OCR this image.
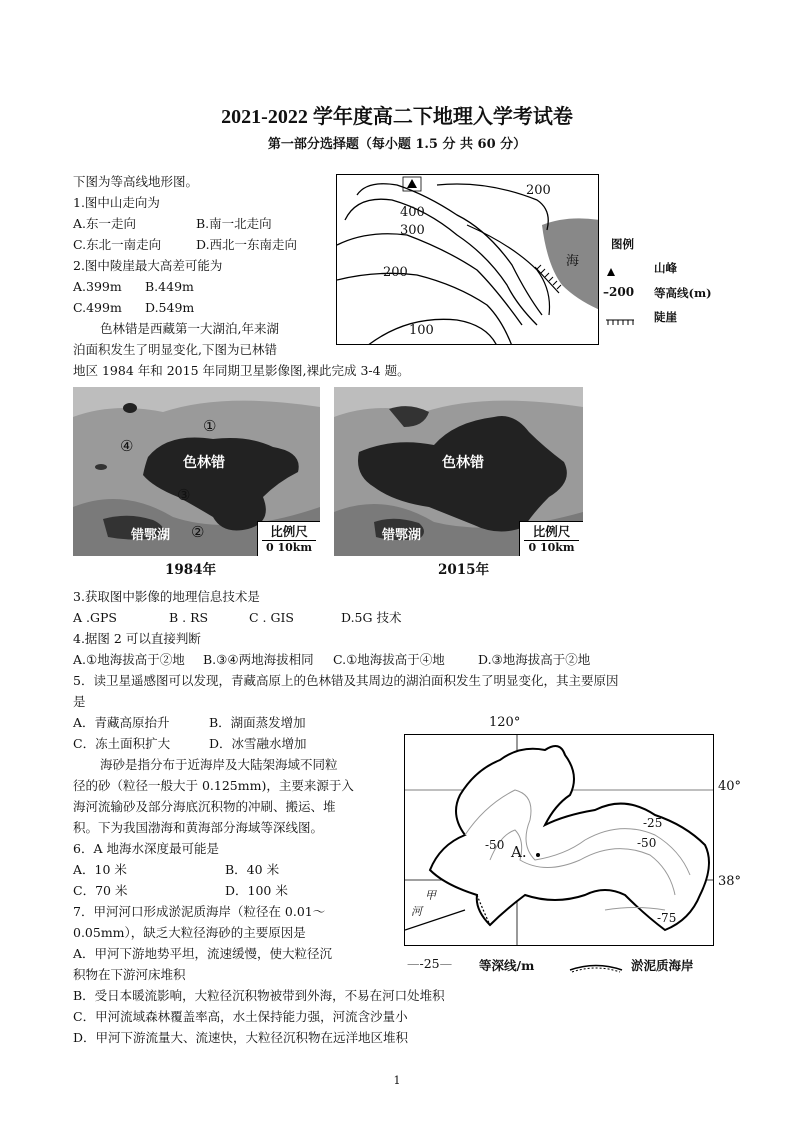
2021-2022 学年度高二下地理入学考试卷
第一部分选择题（每小题 1.5 分 共 60 分）
下图为等高线地形图。
1.图中山走向为
A.东一走向	B.南一北走向
C.东北一南走向	D.西北一东南走向
2.图中陵崖最大高差可能为
A.399m B.449m
C.499m D.549m
色林错是西藏第一大湖泊,年来湖
泊面积发生了明显变化,下图为已林错
地区 1984 年和 2015 年同期卫星影像图,裸此完成 3-4 题。
200
400
300
200
100
海
图例
山峰
–200 等高线(m)
陡崖
①
④
③
②
色林错
错鄂湖	比例尺
0 10km
色林错
错鄂湖	比例尺
0 10km
1984年	2015年
3.获取图中影像的地理信息技术是
A .GPS	B . RS	C . GIS	D.5G 技术
4.据图 2 可以直接判断
A.①地海拔高于②地 B.③④两地海拔相同 C.①地海拔高于④地	D.③地海拔高于②地
5．读卫星遥感图可以发现，青藏高原上的色林错及其周边的湖泊面积发生了明显变化，其主要原因
是
A．青藏高原抬升	B．湖面蒸发增加
C．冻土面积扩大	D．冰雪融水增加
海砂是指分布于近海岸及大陆架海域不同粒
径的砂（粒径一般大于 0.125mm)，主要来源于入
海河流输砂及部分海底沉积物的冲刷、搬运、堆
积。下为我国渤海和黄海部分海域等深线图。
6．A 地海水深度最可能是
A．10 米	B．40 米
C．70 米	D．100 米
7．甲河河口形成淤泥质海岸（粒径在 0.01～
0.05mm），缺乏大粒径海砂的主要原因是
A．甲河下游地势平坦，流速缓慢，使大粒径沉
积物在下游河床堆积
B．受日本暖流影响，大粒径沉积物被带到外海，不易在河口处堆积
C．甲河流域森林覆盖率高，水土保持能力强，河流含沙量小
D．甲河下游流量大、流速快，大粒径沉积物在远洋地区堆积
120°
A.
-50
-25
-50
-75
甲
河
40°
38°
—-25— 等深线/m	淤泥质海岸
1
